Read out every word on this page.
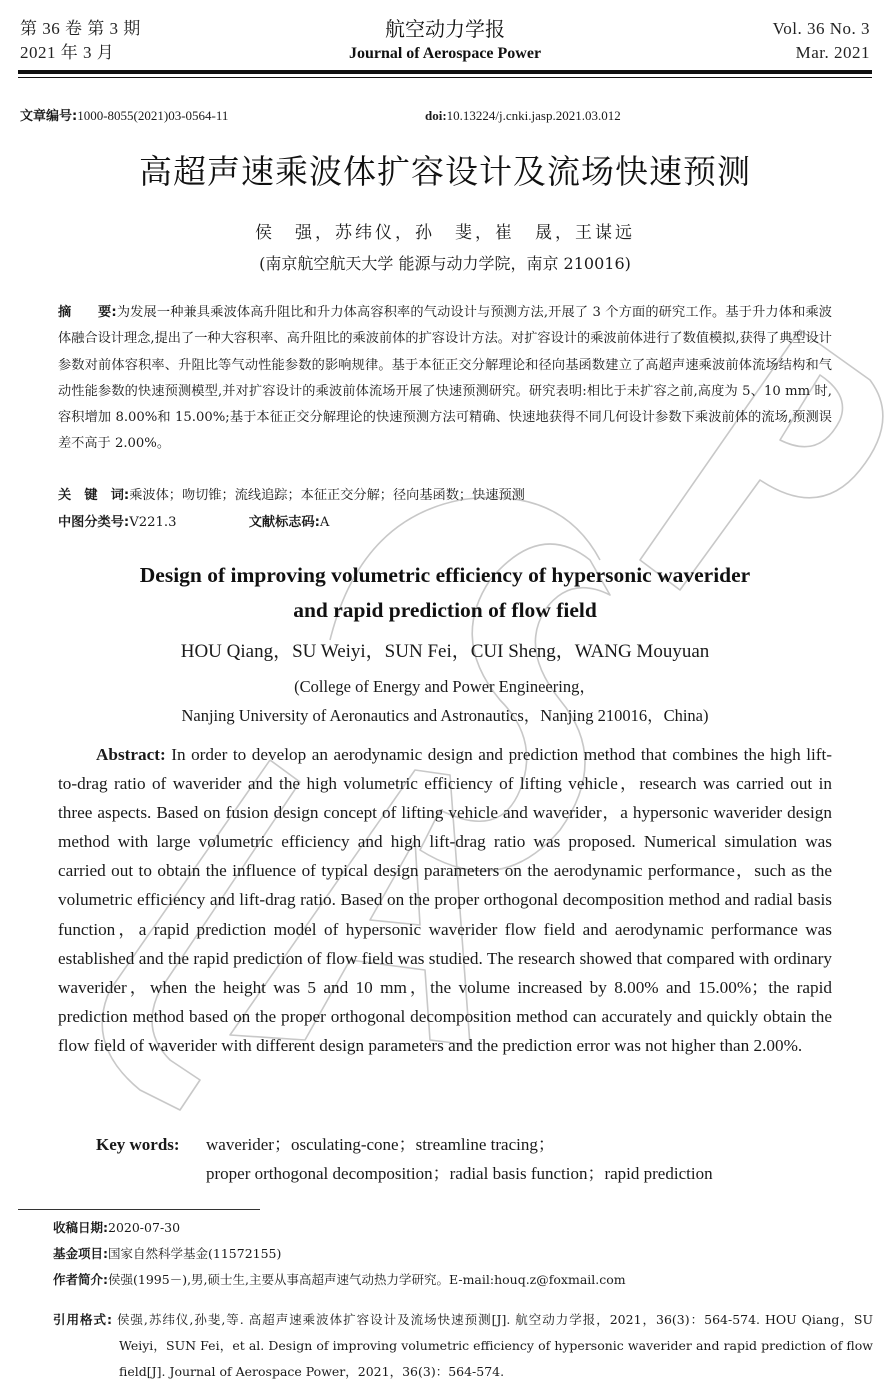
第 36 卷 第 3 期
2021 年 3 月
航空动力学报
Journal of Aerospace Power
Vol. 36 No. 3
Mar. 2021
文章编号:1000-8055(2021)03-0564-11	doi:10.13224/j.cnki.jasp.2021.03.012
高超声速乘波体扩容设计及流场快速预测
侯　强，苏纬仪，孙　斐，崔　晟，王谋远
(南京航空航天大学 能源与动力学院，南京 210016)
摘　　要:为发展一种兼具乘波体高升阻比和升力体高容积率的气动设计与预测方法,开展了 3 个方面的研究工作。基于升力体和乘波体融合设计理念,提出了一种大容积率、高升阻比的乘波前体的扩容设计方法。对扩容设计的乘波前体进行了数值模拟,获得了典型设计参数对前体容积率、升阻比等气动性能参数的影响规律。基于本征正交分解理论和径向基函数建立了高超声速乘波前体流场结构和气动性能参数的快速预测模型,并对扩容设计的乘波前体流场开展了快速预测研究。研究表明:相比于未扩容之前,高度为 5、10 mm 时,容积增加 8.00%和 15.00%;基于本征正交分解理论的快速预测方法可精确、快速地获得不同几何设计参数下乘波前体的流场,预测误差不高于 2.00%。
关　键　词:乘波体；吻切锥；流线追踪；本征正交分解；径向基函数；快速预测
中图分类号:V221.3	文献标志码:A
Design of improving volumetric efficiency of hypersonic waverider
and rapid prediction of flow field
HOU Qiang，SU Weiyi，SUN Fei，CUI Sheng，WANG Mouyuan
(College of Energy and Power Engineering，
Nanjing University of Aeronautics and Astronautics，Nanjing 210016，China)
Abstract: In order to develop an aerodynamic design and prediction method that combines the high lift-to-drag ratio of waverider and the high volumetric efficiency of lifting vehicle，research was carried out in three aspects. Based on fusion design concept of lifting vehicle and waverider，a hypersonic waverider design method with large volumetric efficiency and high lift-drag ratio was proposed. Numerical simulation was carried out to obtain the influence of typical design parameters on the aerodynamic performance，such as the volumetric efficiency and lift-drag ratio. Based on the proper orthogonal decomposition method and radial basis function，a rapid prediction model of hypersonic waverider flow field and aerodynamic performance was established and the rapid prediction of flow field was studied. The research showed that compared with ordinary waverider，when the height was 5 and 10 mm，the volume increased by 8.00% and 15.00%；the rapid prediction method based on the proper orthogonal decomposition method can accurately and quickly obtain the flow field of waverider with different design parameters and the prediction error was not higher than 2.00%.
Key words: waverider；osculating-cone；streamline tracing；
proper orthogonal decomposition；radial basis function；rapid prediction
收稿日期:2020-07-30
基金项目:国家自然科学基金(11572155)
作者简介:侯强(1995－),男,硕士生,主要从事高超声速气动热力学研究。E-mail:houq.z@foxmail.com
引用格式: 侯强,苏纬仪,孙斐,等. 高超声速乘波体扩容设计及流场快速预测[J]. 航空动力学报，2021，36(3)：564-574. HOU Qiang，SU Weiyi，SUN Fei，et al. Design of improving volumetric efficiency of hypersonic waverider and rapid prediction of flow field[J]. Journal of Aerospace Power，2021，36(3)：564-574.
